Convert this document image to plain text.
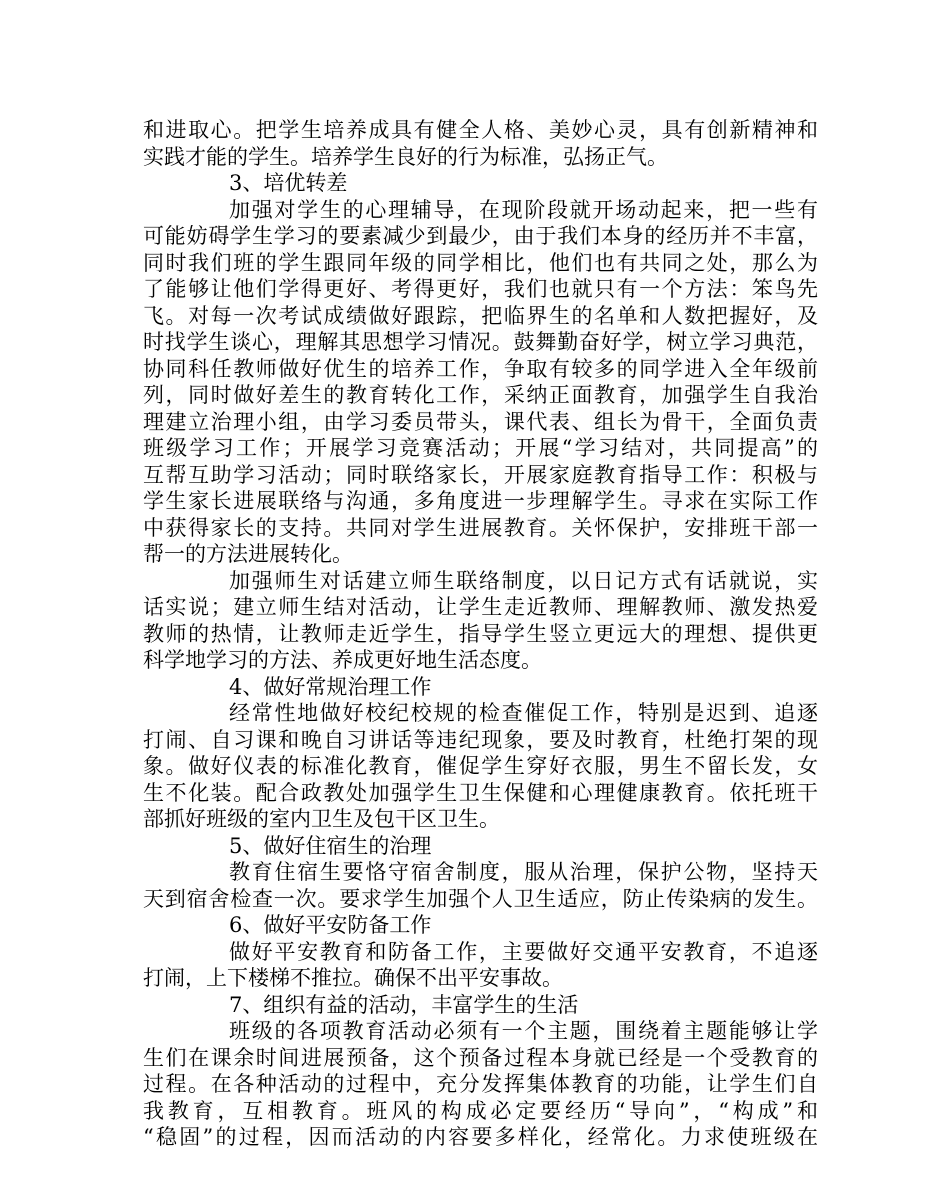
和进取心。把学生培养成具有健全人格、美妙心灵，具有创新精神和
实践才能的学生。培养学生良好的行为标准，弘扬正气。
3、培优转差
加强对学生的心理辅导，在现阶段就开场动起来，把一些有
可能妨碍学生学习的要素减少到最少，由于我们本身的经历并不丰富，
同时我们班的学生跟同年级的同学相比，他们也有共同之处，那么为
了能够让他们学得更好、考得更好，我们也就只有一个方法：笨鸟先
飞。对每一次考试成绩做好跟踪，把临界生的名单和人数把握好，及
时找学生谈心，理解其思想学习情况。鼓舞勤奋好学，树立学习典范，
协同科任教师做好优生的培养工作，争取有较多的同学进入全年级前
列，同时做好差生的教育转化工作，采纳正面教育，加强学生自我治
理建立治理小组，由学习委员带头，课代表、组长为骨干，全面负责
班级学习工作；开展学习竞赛活动；开展“学习结对，共同提高”的
互帮互助学习活动；同时联络家长，开展家庭教育指导工作：积极与
学生家长进展联络与沟通，多角度进一步理解学生。寻求在实际工作
中获得家长的支持。共同对学生进展教育。关怀保护，安排班干部一
帮一的方法进展转化。
加强师生对话建立师生联络制度，以日记方式有话就说，实
话实说；建立师生结对活动，让学生走近教师、理解教师、激发热爱
教师的热情，让教师走近学生，指导学生竖立更远大的理想、提供更
科学地学习的方法、养成更好地生活态度。
4、做好常规治理工作
经常性地做好校纪校规的检查催促工作，特别是迟到、追逐
打闹、自习课和晚自习讲话等违纪现象，要及时教育，杜绝打架的现
象。做好仪表的标准化教育，催促学生穿好衣服，男生不留长发，女
生不化装。配合政教处加强学生卫生保健和心理健康教育。依托班干
部抓好班级的室内卫生及包干区卫生。
5、做好住宿生的治理
教育住宿生要恪守宿舍制度，服从治理，保护公物，坚持天
天到宿舍检查一次。要求学生加强个人卫生适应，防止传染病的发生。
6、做好平安防备工作
做好平安教育和防备工作，主要做好交通平安教育，不追逐
打闹，上下楼梯不推拉。确保不出平安事故。
7、组织有益的活动，丰富学生的生活
班级的各项教育活动必须有一个主题，围绕着主题能够让学
生们在课余时间进展预备，这个预备过程本身就已经是一个受教育的
过程。在各种活动的过程中，充分发挥集体教育的功能，让学生们自
我教育，互相教育。班风的构成必定要经历“导向”，“构成”和
“稳固”的过程，因而活动的内容要多样化，经常化。力求使班级在
